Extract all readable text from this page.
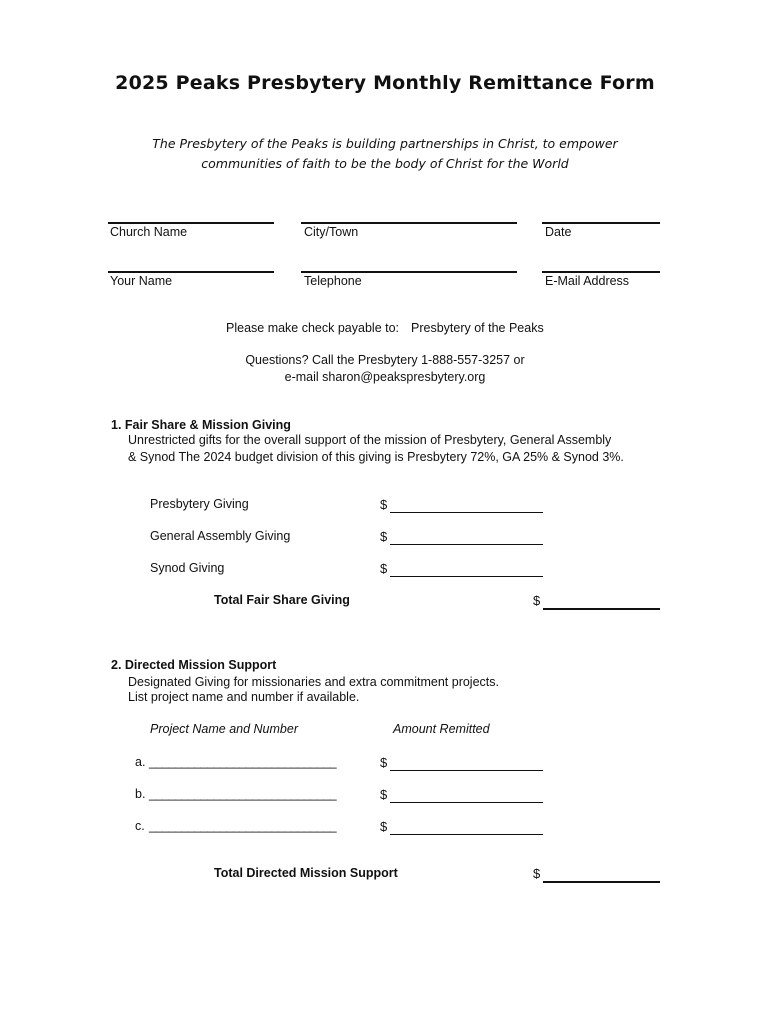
2025 Peaks Presbytery Monthly Remittance Form
The Presbytery of the Peaks is building partnerships in Christ, to empower
communities of faith to be the body of Christ for the World
Church Name	City/Town	Date
Your Name	Telephone	E-Mail Address
Please make check payable to: Presbytery of the Peaks
Questions? Call the Presbytery 1-888-557-3257 or
e-mail sharon@peakspresbytery.org
1. Fair Share & Mission Giving
Unrestricted gifts for the overall support of the mission of Presbytery, General Assembly
& Synod The 2024 budget division of this giving is Presbytery 72%, GA 25% & Synod 3%.
Presbytery Giving	$
General Assembly Giving	$
Synod Giving	$
Total Fair Share Giving	$
2. Directed Mission Support
Designated Giving for missionaries and extra commitment projects.
List project name and number if available.
Project Name and Number	Amount Remitted
a. _____________________________	$
b. _____________________________	$
c. _____________________________	$
Total Directed Mission Support	$
